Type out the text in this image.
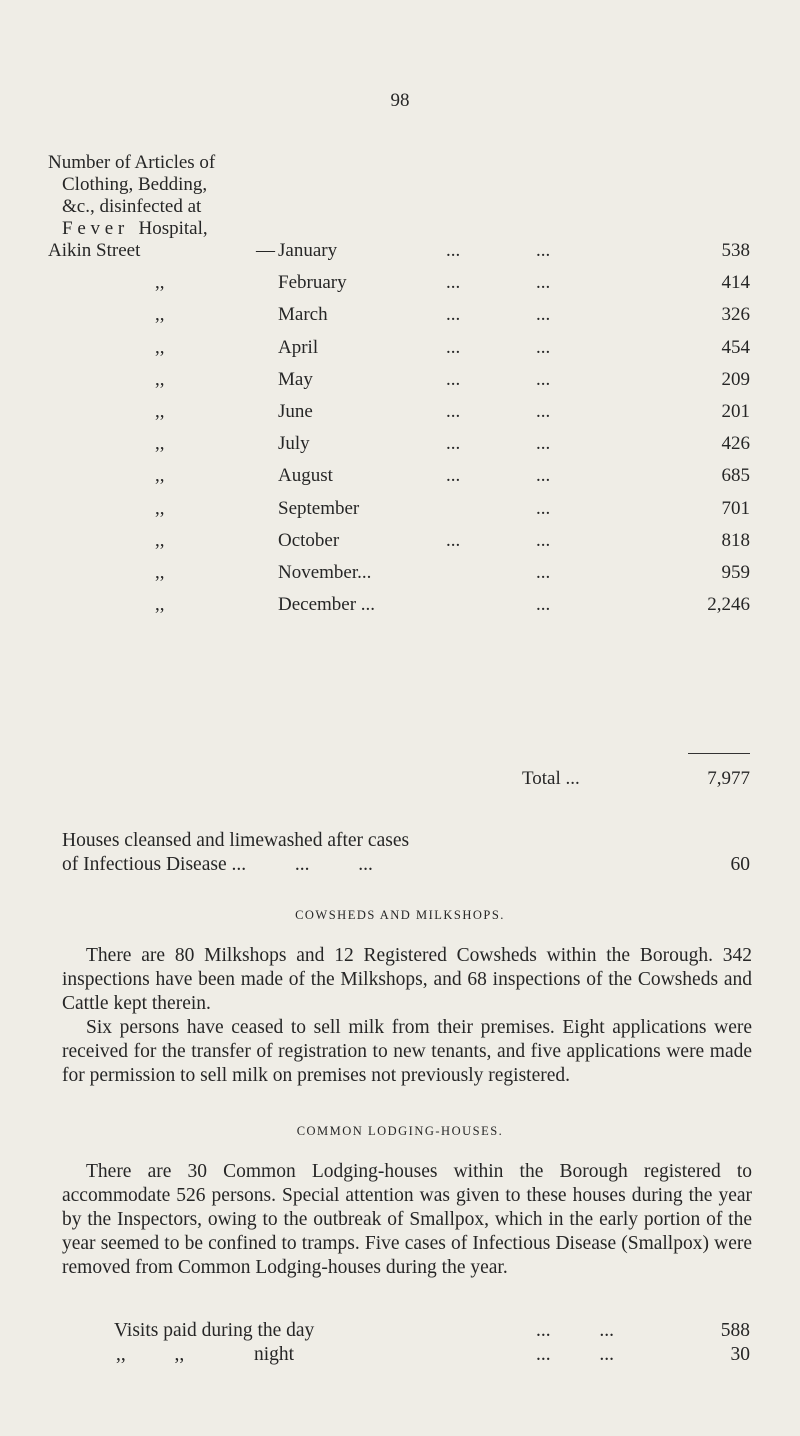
98
Number of Articles of
Clothing, Bedding,
&c., disinfected at
F e v e r   Hospital,
Aikin Street	— January	...	...	538
,,	February	...	...	414
,,	March	...	...	326
,,	April	...	...	454
,,	May	...	...	209
,,	June	...	...	201
,,	July	...	...	426
,,	August	...	...	685
,,	September	...	701
,,	October	...	...	818
,,	November...	...	959
,,	December ...	...	2,246
Total ...	7,977
Houses cleansed and limewashed after cases
of Infectious Disease ...          ...          ...	60
COWSHEDS AND MILKSHOPS.

There are 80 Milkshops and 12 Registered Cowsheds within the Borough. 342 inspections have been made of the Milkshops, and 68 inspections of the Cowsheds and Cattle kept therein.

Six persons have ceased to sell milk from their premises. Eight applications were received for the transfer of registration to new tenants, and five applications were made for permission to sell milk on premises not previously registered.

COMMON LODGING-HOUSES.

There are 30 Common Lodging-houses within the Borough registered to accommodate 526 persons. Special attention was given to these houses during the year by the Inspectors, owing to the outbreak of Smallpox, which in the early portion of the year seemed to be confined to tramps. Five cases of Infectious Disease (Smallpox) were removed from Common Lodging-houses during the year.

Visits paid during the day	...          ...	588
,,          ,,	night	...          ...	30
